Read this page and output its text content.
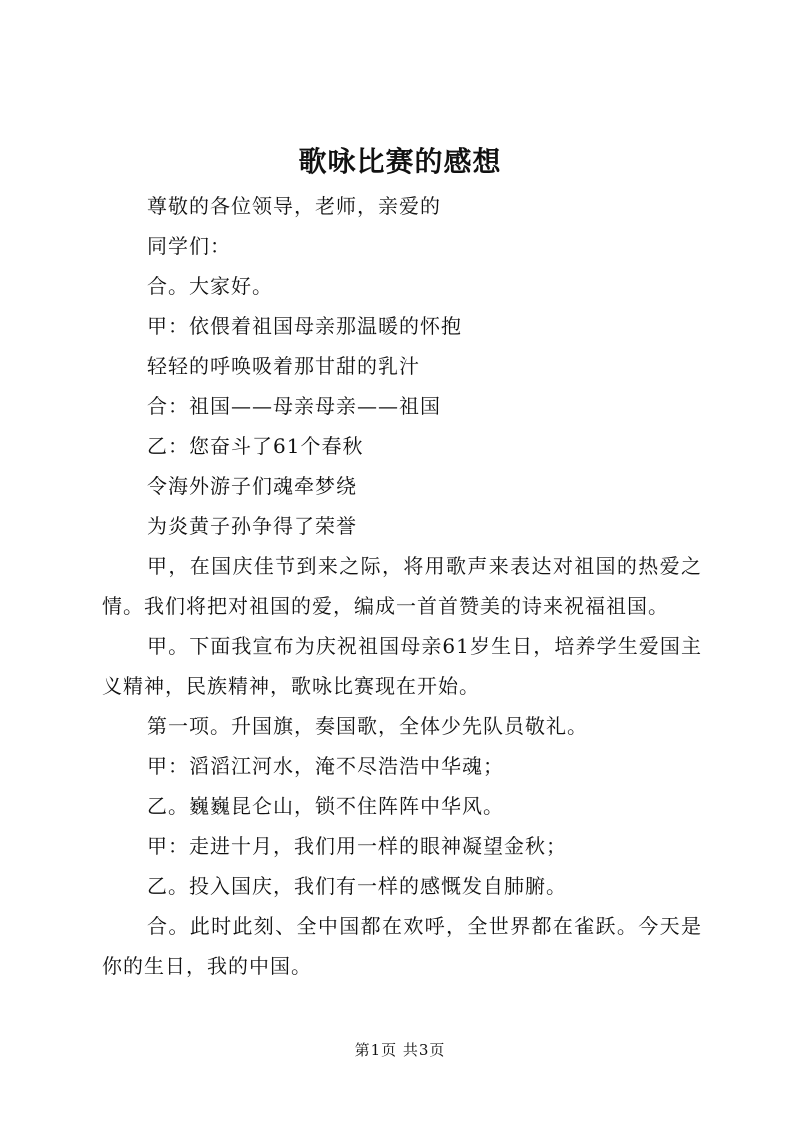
歌咏比赛的感想
尊敬的各位领导，老师，亲爱的
同学们：
合。大家好。
甲：依偎着祖国母亲那温暖的怀抱
轻轻的呼唤吸着那甘甜的乳汁
合：祖国——母亲母亲——祖国
乙：您奋斗了61个春秋
令海外游子们魂牵梦绕
为炎黄子孙争得了荣誉

甲，在国庆佳节到来之际，将用歌声来表达对祖国的热爱之情。我们将把对祖国的爱，编成一首首赞美的诗来祝福祖国。

甲。下面我宣布为庆祝祖国母亲61岁生日，培养学生爱国主义精神，民族精神，歌咏比赛现在开始。

第一项。升国旗，奏国歌，全体少先队员敬礼。
甲：滔滔江河水，淹不尽浩浩中华魂；
乙。巍巍昆仑山，锁不住阵阵中华风。
甲：走进十月，我们用一样的眼神凝望金秋；
乙。投入国庆，我们有一样的感慨发自肺腑。

合。此时此刻、全中国都在欢呼，全世界都在雀跃。今天是你的生日，我的中国。

第1页 共3页
